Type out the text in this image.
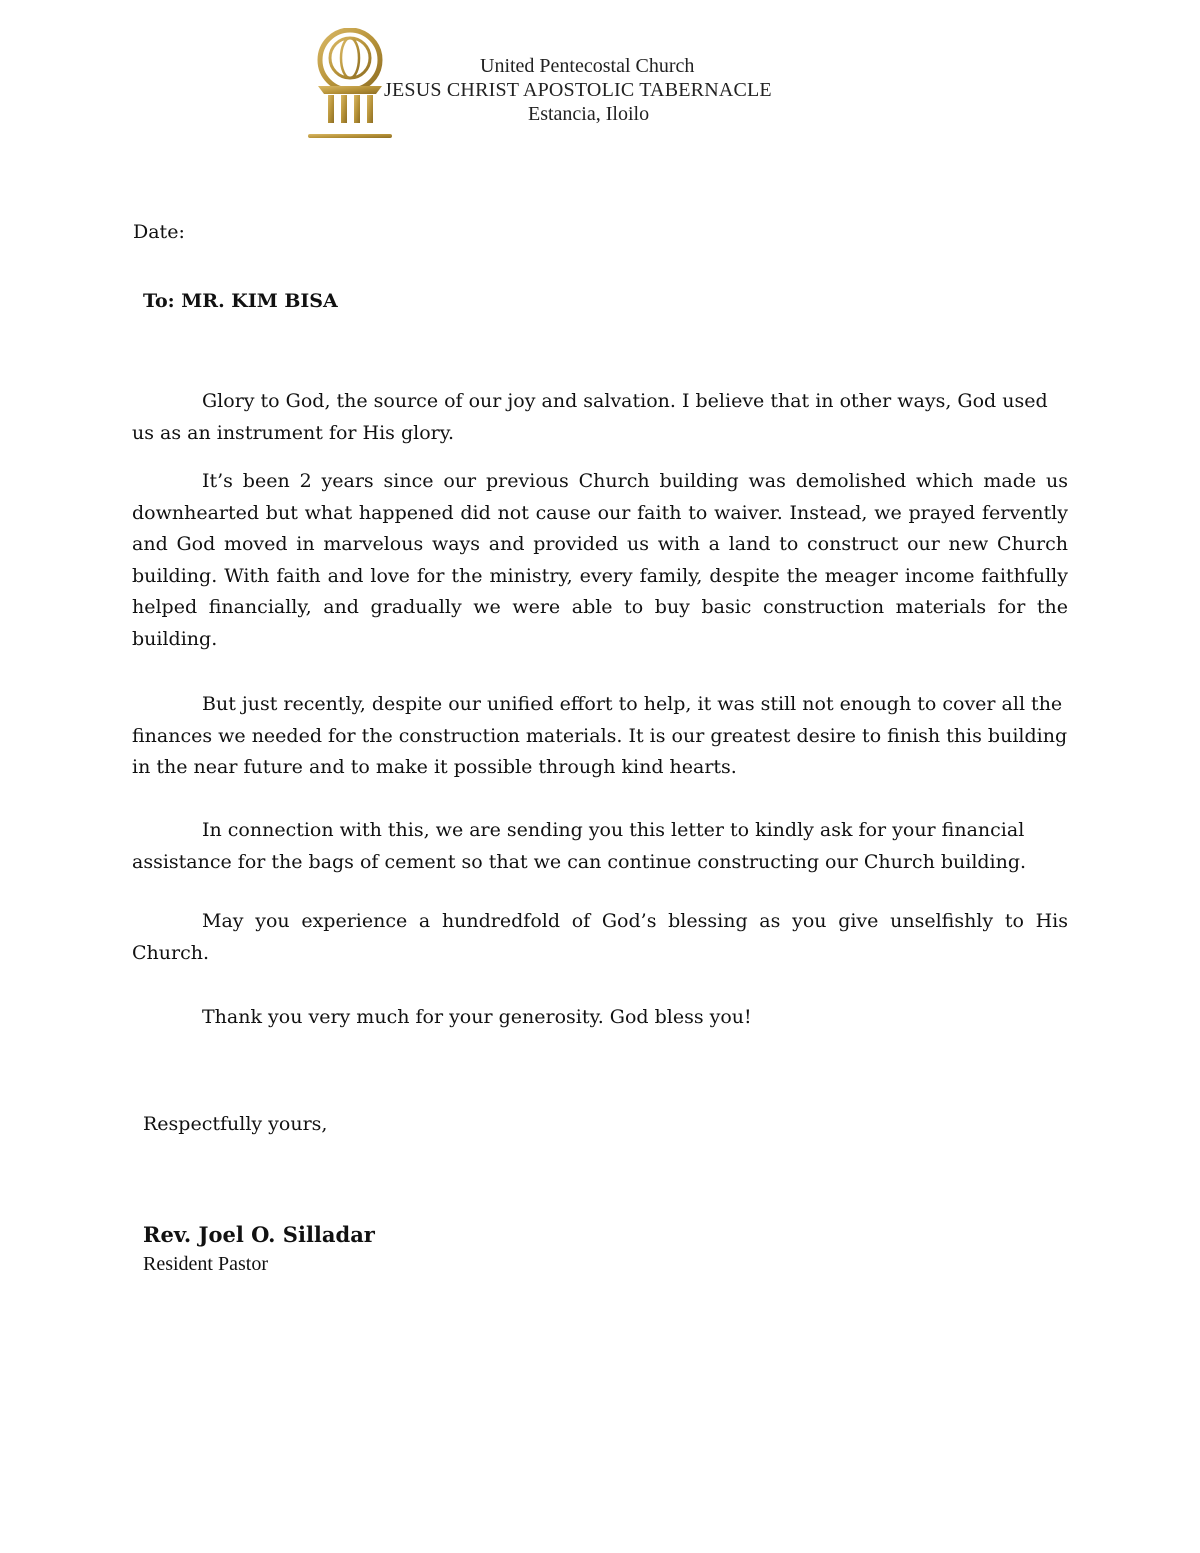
United Pentecostal Church
JESUS CHRIST APOSTOLIC TABERNACLE
Estancia, Iloilo
Date:
To: MR. KIM BISA

Glory to God, the source of our joy and salvation. I believe that in other ways, God used us as an instrument for His glory.

It’s been 2 years since our previous Church building was demolished which made us downhearted but what happened did not cause our faith to waiver. Instead, we prayed fervently and God moved in marvelous ways and provided us with a land to construct our new Church building. With faith and love for the ministry, every family, despite the meager income faithfully helped financially, and gradually we were able to buy basic construction materials for the building.

But just recently, despite our unified effort to help, it was still not enough to cover all the finances we needed for the construction materials. It is our greatest desire to finish this building in the near future and to make it possible through kind hearts.

In connection with this, we are sending you this letter to kindly ask for your financial assistance for the bags of cement so that we can continue constructing our Church building.

May you experience a hundredfold of God’s blessing as you give unselfishly to His Church.

Thank you very much for your generosity. God bless you!

Respectfully yours,
Rev. Joel O. Silladar
Resident Pastor
